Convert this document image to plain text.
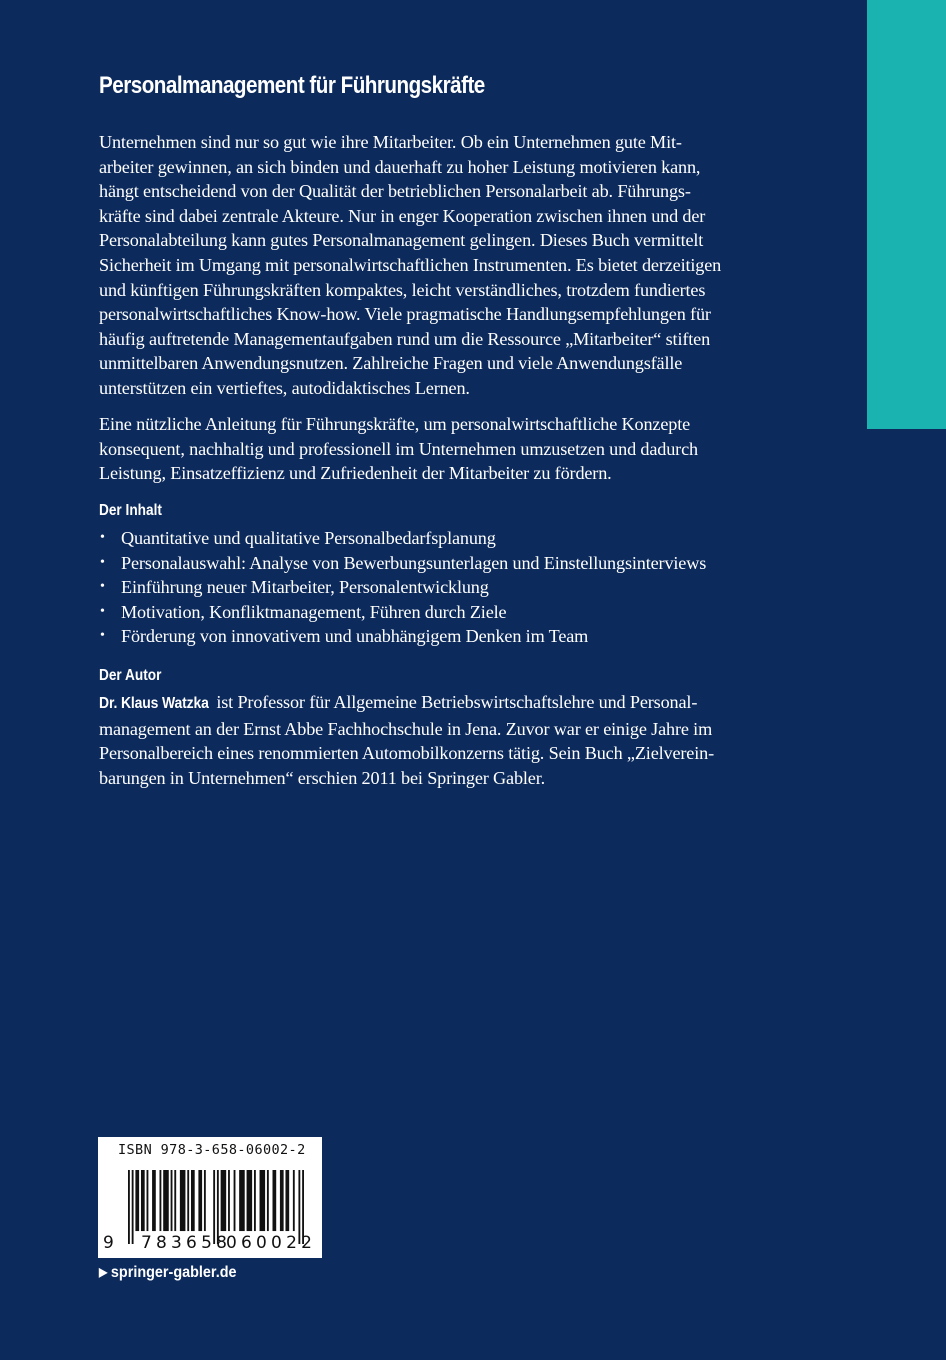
Personalmanagement für Führungskräfte
Unternehmen sind nur so gut wie ihre Mitarbeiter. Ob ein Unternehmen gute Mit-
arbeiter gewinnen, an sich binden und dauerhaft zu hoher Leistung motivieren kann,
hängt entscheidend von der Qualität der betrieblichen Personalarbeit ab. Führungs-
kräfte sind dabei zentrale Akteure. Nur in enger Kooperation zwischen ihnen und der
Personalabteilung kann gutes Personalmanagement gelingen. Dieses Buch vermittelt
Sicherheit im Umgang mit personalwirtschaftlichen Instrumenten. Es bietet derzeitigen
und künftigen Führungskräften kompaktes, leicht verständliches, trotzdem fundiertes
personalwirtschaftliches Know-how. Viele pragmatische Handlungsempfehlungen für
häufig auftretende Managementaufgaben rund um die Ressource „Mitarbeiter“ stiften
unmittelbaren Anwendungsnutzen. Zahlreiche Fragen und viele Anwendungsfälle
unterstützen ein vertieftes, autodidaktisches Lernen.
Eine nützliche Anleitung für Führungskräfte, um personalwirtschaftliche Konzepte
konsequent, nachhaltig und professionell im Unternehmen umzusetzen und dadurch
Leistung, Einsatzeffizienz und Zufriedenheit der Mitarbeiter zu fördern.
Der Inhalt
• Quantitative und qualitative Personalbedarfsplanung
• Personalauswahl: Analyse von Bewerbungsunterlagen und Einstellungsinterviews
• Einführung neuer Mitarbeiter, Personalentwicklung
• Motivation, Konfliktmanagement, Führen durch Ziele
• Förderung von innovativem und unabhängigem Denken im Team
Der Autor
Dr. Klaus Watzka ist Professor für Allgemeine Betriebswirtschaftslehre und Personal-
management an der Ernst Abbe Fachhochschule in Jena. Zuvor war er einige Jahre im
Personalbereich eines renommierten Automobilkonzerns tätig. Sein Buch „Zielverein-
barungen in Unternehmen“ erschien 2011 bei Springer Gabler.
ISBN 978-3-658-06002-2
9 783658
060022
▶ springer-gabler.de
